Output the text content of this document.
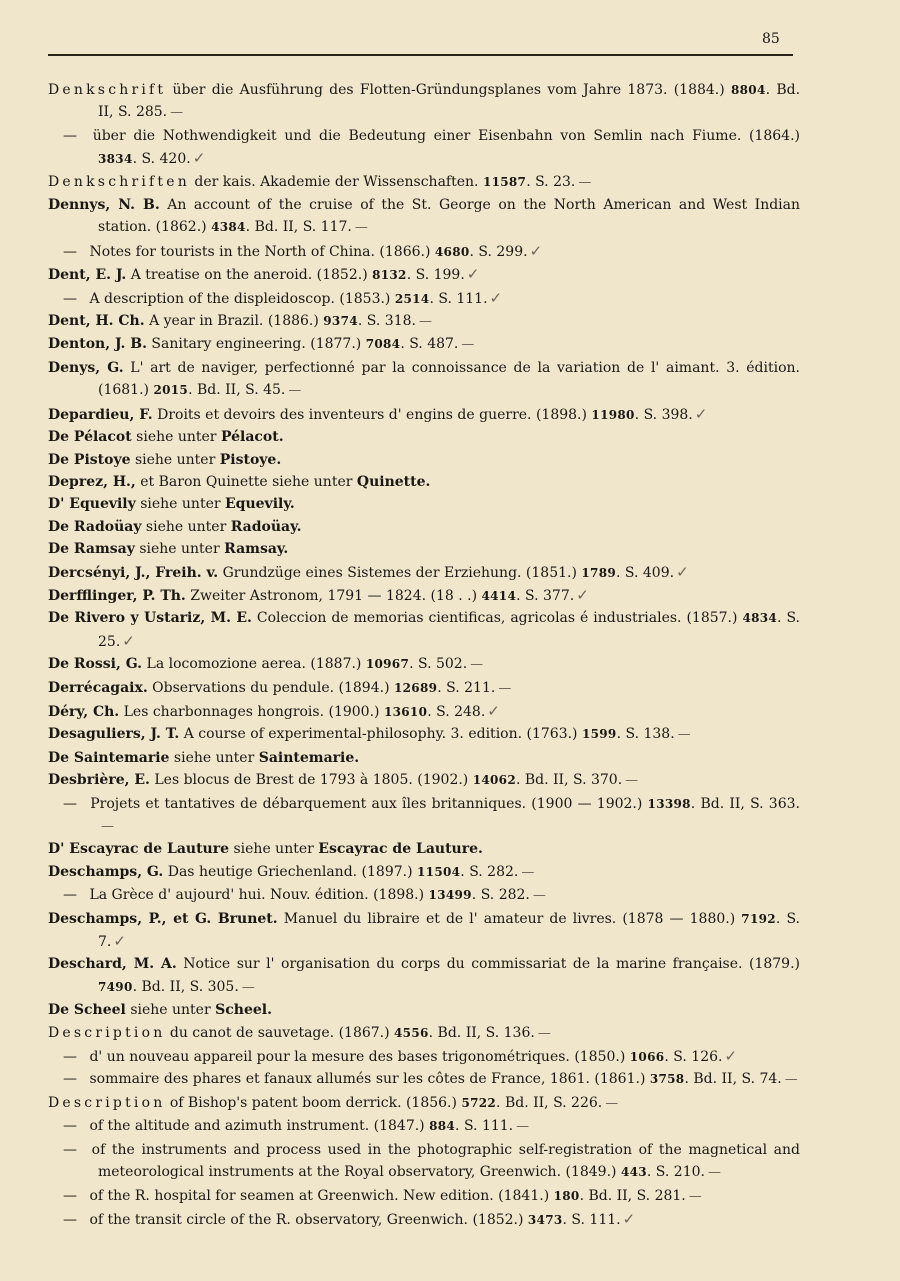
85

Denkschrift über die Ausführung des Flotten-Gründungsplanes vom Jahre 1873. (1884.) 8804. Bd. II, S. 285. —

— über die Nothwendigkeit und die Bedeutung einer Eisenbahn von Semlin nach Fiume. (1864.) 3834. S. 420. ✓

Denkschriften der kais. Akademie der Wissenschaften. 11587. S. 23. —

Dennys, N. B. An account of the cruise of the St. George on the North American and West Indian station. (1862.) 4384. Bd. II, S. 117. —

— Notes for tourists in the North of China. (1866.) 4680. S. 299. ✓

Dent, E. J. A treatise on the aneroid. (1852.) 8132. S. 199. ✓

— A description of the displeidoscop. (1853.) 2514. S. 111. ✓

Dent, H. Ch. A year in Brazil. (1886.) 9374. S. 318. —

Denton, J. B. Sanitary engineering. (1877.) 7084. S. 487. —

Denys, G. L' art de naviger, perfectionné par la connoissance de la variation de l' aimant. 3. édition. (1681.) 2015. Bd. II, S. 45. —

Depardieu, F. Droits et devoirs des inventeurs d' engins de guerre. (1898.) 11980. S. 398. ✓

De Pélacot siehe unter Pélacot.

De Pistoye siehe unter Pistoye.

Deprez, H., et Baron Quinette siehe unter Quinette.

D' Equevily siehe unter Equevily.

De Radoüay siehe unter Radoüay.

De Ramsay siehe unter Ramsay.

Dercsényi, J., Freih. v. Grundzüge eines Sistemes der Erziehung. (1851.) 1789. S. 409. ✓

Derfflinger, P. Th. Zweiter Astronom, 1791 — 1824. (18 . .) 4414. S. 377. ✓

De Rivero y Ustariz, M. E. Coleccion de memorias cientificas, agricolas é industriales. (1857.) 4834. S. 25. ✓

De Rossi, G. La locomozione aerea. (1887.) 10967. S. 502. —

Derrécagaix. Observations du pendule. (1894.) 12689. S. 211. —

Déry, Ch. Les charbonnages hongrois. (1900.) 13610. S. 248. ✓

Desaguliers, J. T. A course of experimental-philosophy. 3. edition. (1763.) 1599. S. 138. —

De Saintemarie siehe unter Saintemarie.

Desbrière, E. Les blocus de Brest de 1793 à 1805. (1902.) 14062. Bd. II, S. 370. —

— Projets et tantatives de débarquement aux îles britanniques. (1900 — 1902.) 13398. Bd. II, S. 363.—

D' Escayrac de Lauture siehe unter Escayrac de Lauture.

Deschamps, G. Das heutige Griechenland. (1897.) 11504. S. 282. —

— La Grèce d' aujourd' hui. Nouv. édition. (1898.) 13499. S. 282. —

Deschamps, P., et G. Brunet. Manuel du libraire et de l' amateur de livres. (1878 — 1880.) 7192. S. 7. ✓

Deschard, M. A. Notice sur l' organisation du corps du commissariat de la marine française. (1879.) 7490. Bd. II, S. 305. —

De Scheel siehe unter Scheel.

Description du canot de sauvetage. (1867.) 4556. Bd. II, S. 136. —

— d' un nouveau appareil pour la mesure des bases trigonométriques. (1850.) 1066. S. 126. ✓

— sommaire des phares et fanaux allumés sur les côtes de France, 1861. (1861.) 3758. Bd. II, S. 74. —

Description of Bishop's patent boom derrick. (1856.) 5722. Bd. II, S. 226. —

— of the altitude and azimuth instrument. (1847.) 884. S. 111. —

— of the instruments and process used in the photographic self-registration of the magnetical and meteorological instruments at the Royal observatory, Greenwich. (1849.) 443. S. 210. —

— of the R. hospital for seamen at Greenwich. New edition. (1841.) 180. Bd. II, S. 281. —

— of the transit circle of the R. observatory, Greenwich. (1852.) 3473. S. 111. ✓
